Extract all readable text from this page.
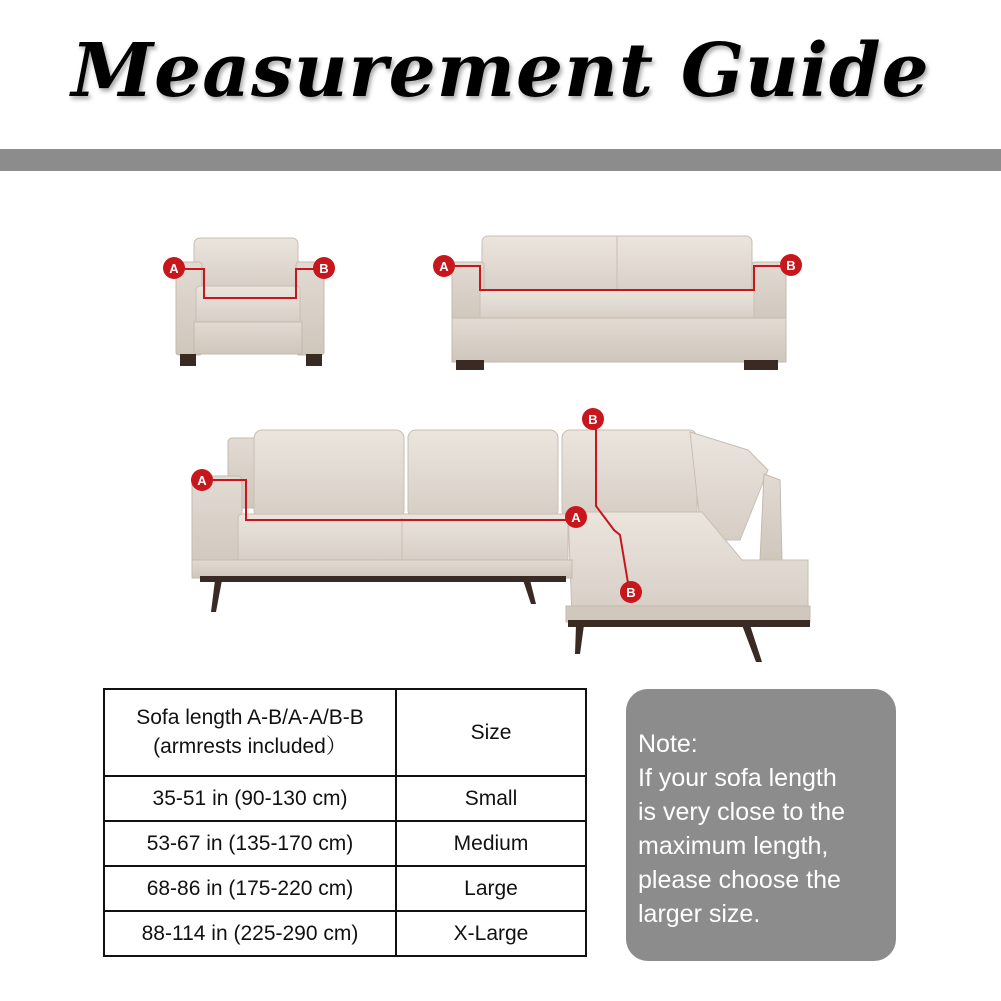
Measurement Guide
A	B	A	B
A
A
B
B
Sofa length A-B/A-A/B-B
(armrests included）	Size
35-51 in (90-130 cm)	Small
53-67 in (135-170 cm)	Medium
68-86 in (175-220 cm)	Large
88-114 in (225-290 cm)	X-Large
Note:
If your sofa length
is very close to the
maximum length,
please choose the
larger size.
